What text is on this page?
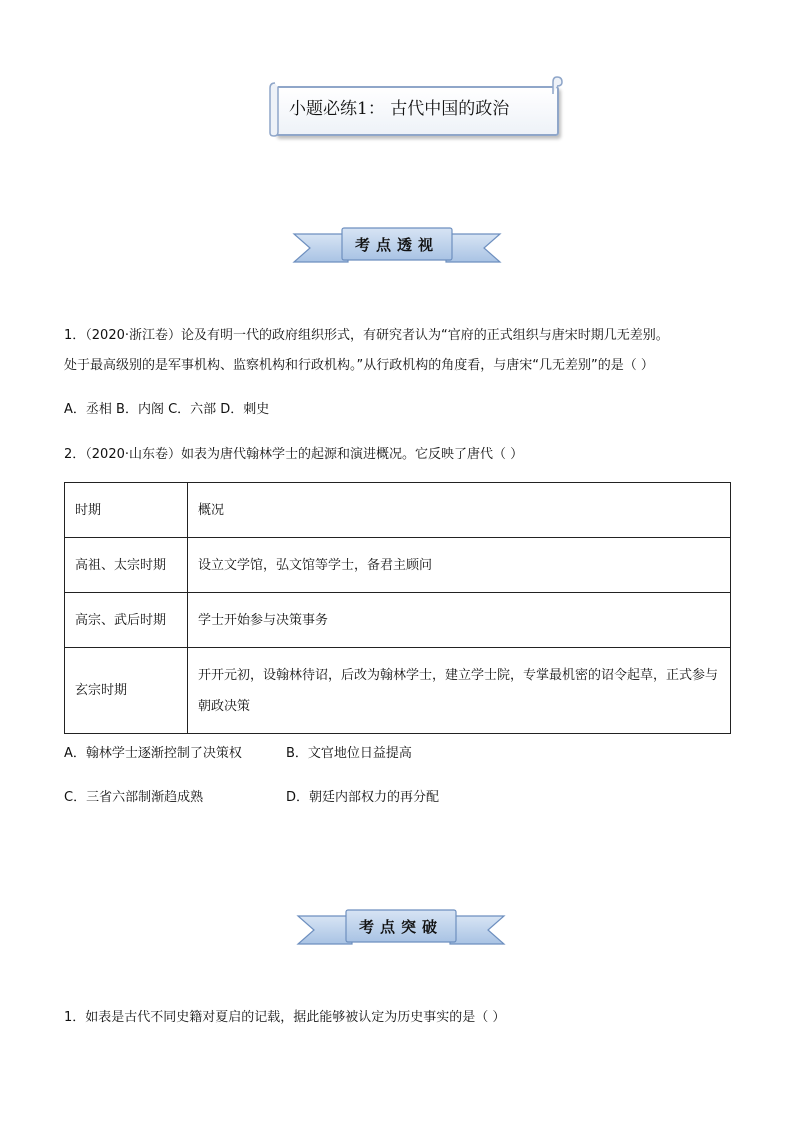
小题必练1： 古代中国的政治
考点透视
1．（2020·浙江卷）论及有明一代的政府组织形式，有研究者认为“官府的正式组织与唐宋时期几无差别。
处于最高级别的是军事机构、监察机构和行政机构。”从行政机构的角度看，与唐宋“几无差别”的是（ ）
A．丞相 B．内阁 C．六部 D．刺史
2．（2020·山东卷）如表为唐代翰林学士的起源和演进概况。它反映了唐代（ ）
时期	概况
高祖、太宗时期	设立文学馆，弘文馆等学士，备君主顾问
高宗、武后时期	学士开始参与决策事务
玄宗时期	开开元初，设翰林待诏，后改为翰林学士，建立学士院，专掌最机密的诏令起草，正式参与朝政决策
A．翰林学士逐渐控制了决策权	B．文官地位日益提高
C．三省六部制渐趋成熟	D．朝廷内部权力的再分配
考点突破
1．如表是古代不同史籍对夏启的记载，据此能够被认定为历史事实的是（ ）
